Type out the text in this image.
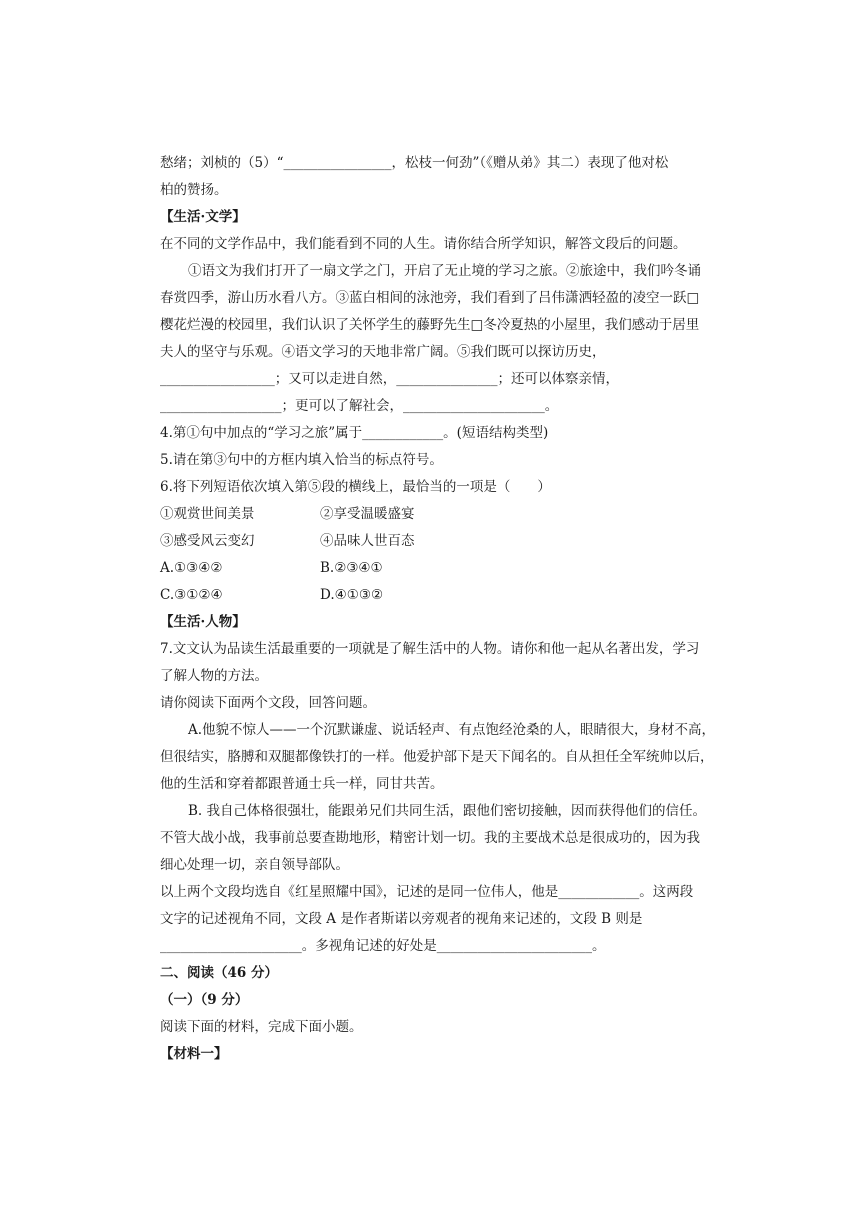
愁绪；刘桢的（5）“________________，松枝一何劲”（《赠从弟》其二）表现了他对松
柏的赞扬。
【生活·文学】
在不同的文学作品中，我们能看到不同的人生。请你结合所学知识，解答文段后的问题。
①语文为我们打开了一扇文学之门，开启了无止境的学习之旅。②旅途中，我们吟冬诵
春赏四季，游山历水看八方。③蓝白相间的泳池旁，我们看到了吕伟潇洒轻盈的凌空一跃□
樱花烂漫的校园里，我们认识了关怀学生的藤野先生□冬冷夏热的小屋里，我们感动于居里
夫人的坚守与乐观。④语文学习的天地非常广阔。⑤我们既可以探访历史，
_________________；又可以走进自然，_______________；还可以体察亲情，
__________________；更可以了解社会，_____________________。
4.第①句中加点的“学习之旅”属于____________。(短语结构类型)
5.请在第③句中的方框内填入恰当的标点符号。
6.将下列短语依次填入第⑤段的横线上，最恰当的一项是（　　）
①观赏世间美景	②享受温暖盛宴
③感受风云变幻	④品味人世百态
A.①③④②	B.②③④①
C.③①②④	D.④①③②
【生活·人物】
7.文文认为品读生活最重要的一项就是了解生活中的人物。请你和他一起从名著出发，学习
了解人物的方法。
请你阅读下面两个文段，回答问题。
A.他貌不惊人——一个沉默谦虚、说话轻声、有点饱经沧桑的人，眼睛很大，身材不高，
但很结实，胳膊和双腿都像铁打的一样。他爱护部下是天下闻名的。自从担任全军统帅以后，
他的生活和穿着都跟普通士兵一样，同甘共苦。
B. 我自己体格很强壮，能跟弟兄们共同生活，跟他们密切接触，因而获得他们的信任。
不管大战小战，我事前总要查勘地形，精密计划一切。我的主要战术总是很成功的，因为我
细心处理一切，亲自领导部队。
以上两个文段均选自《红星照耀中国》，记述的是同一位伟人，他是____________。这两段
文字的记述视角不同，文段 A 是作者斯诺以旁观者的视角来记述的，文段 B 则是
_____________________。多视角记述的好处是_______________________。
二、阅读（46 分）
（一）（9 分）
阅读下面的材料，完成下面小题。
【材料一】
